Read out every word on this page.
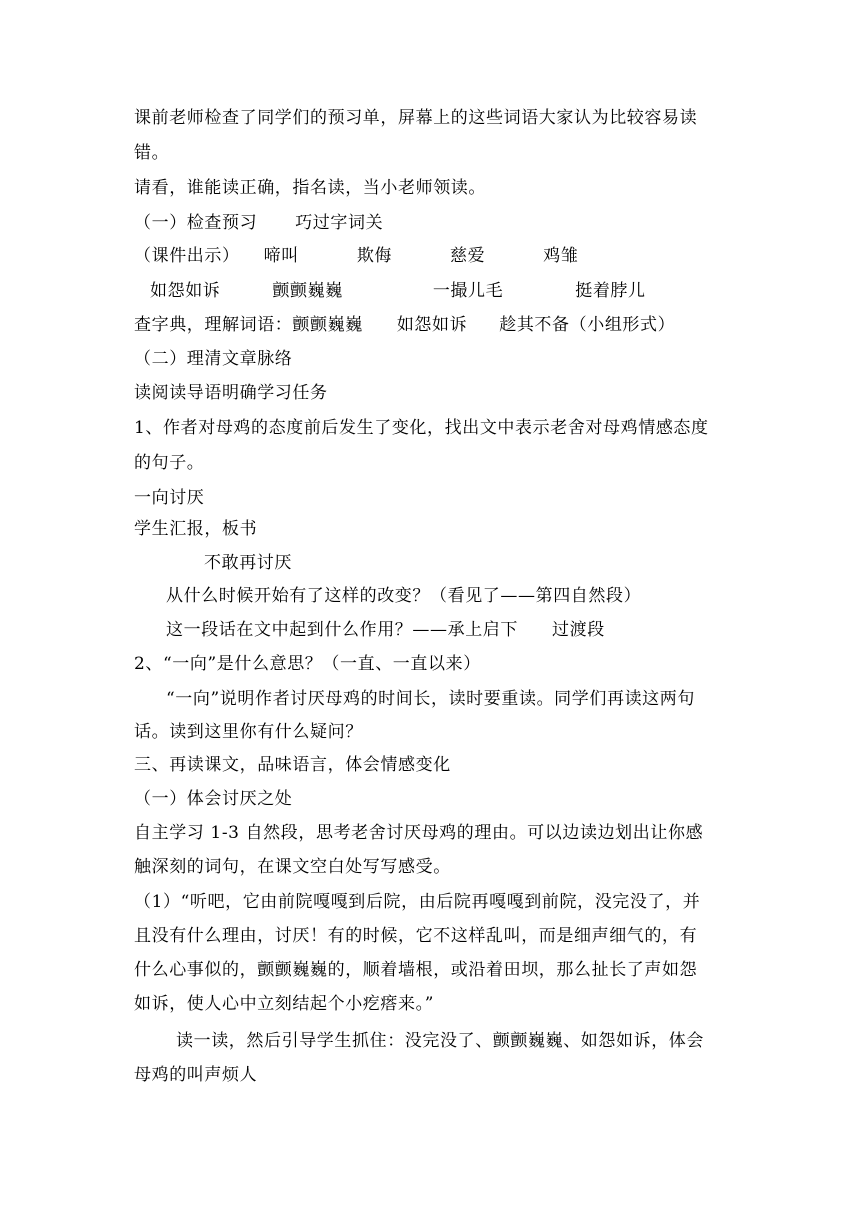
课前老师检查了同学们的预习单，屏幕上的这些词语大家认为比较容易读
错。
请看，谁能读正确，指名读，当小老师领读。
（一）检查预习 巧过字词关
（课件出示） 啼叫	欺侮	慈爱	鸡雏
如怨如诉	颤颤巍巍	一撮儿毛	挺着脖儿
查字典，理解词语：颤颤巍巍 如怨如诉 趁其不备（小组形式）
（二）理清文章脉络
读阅读导语明确学习任务
1、作者对母鸡的态度前后发生了变化，找出文中表示老舍对母鸡情感态度
的句子。
一向讨厌
学生汇报，板书
不敢再讨厌
从什么时候开始有了这样的改变？（看见了——第四自然段）
这一段话在文中起到什么作用？——承上启下 过渡段
2、“一向”是什么意思？（一直、一直以来）
“一向”说明作者讨厌母鸡的时间长，读时要重读。同学们再读这两句
话。读到这里你有什么疑问？
三、再读课文，品味语言，体会情感变化
（一）体会讨厌之处
自主学习 1-3 自然段，思考老舍讨厌母鸡的理由。可以边读边划出让你感
触深刻的词句，在课文空白处写写感受。
（1）“听吧，它由前院嘎嘎到后院，由后院再嘎嘎到前院，没完没了，并
且没有什么理由，讨厌！有的时候，它不这样乱叫，而是细声细气的，有
什么心事似的，颤颤巍巍的，顺着墙根，或沿着田坝，那么扯长了声如怨
如诉，使人心中立刻结起个小疙瘩来。”
读一读，然后引导学生抓住：没完没了、颤颤巍巍、如怨如诉，体会
母鸡的叫声烦人
